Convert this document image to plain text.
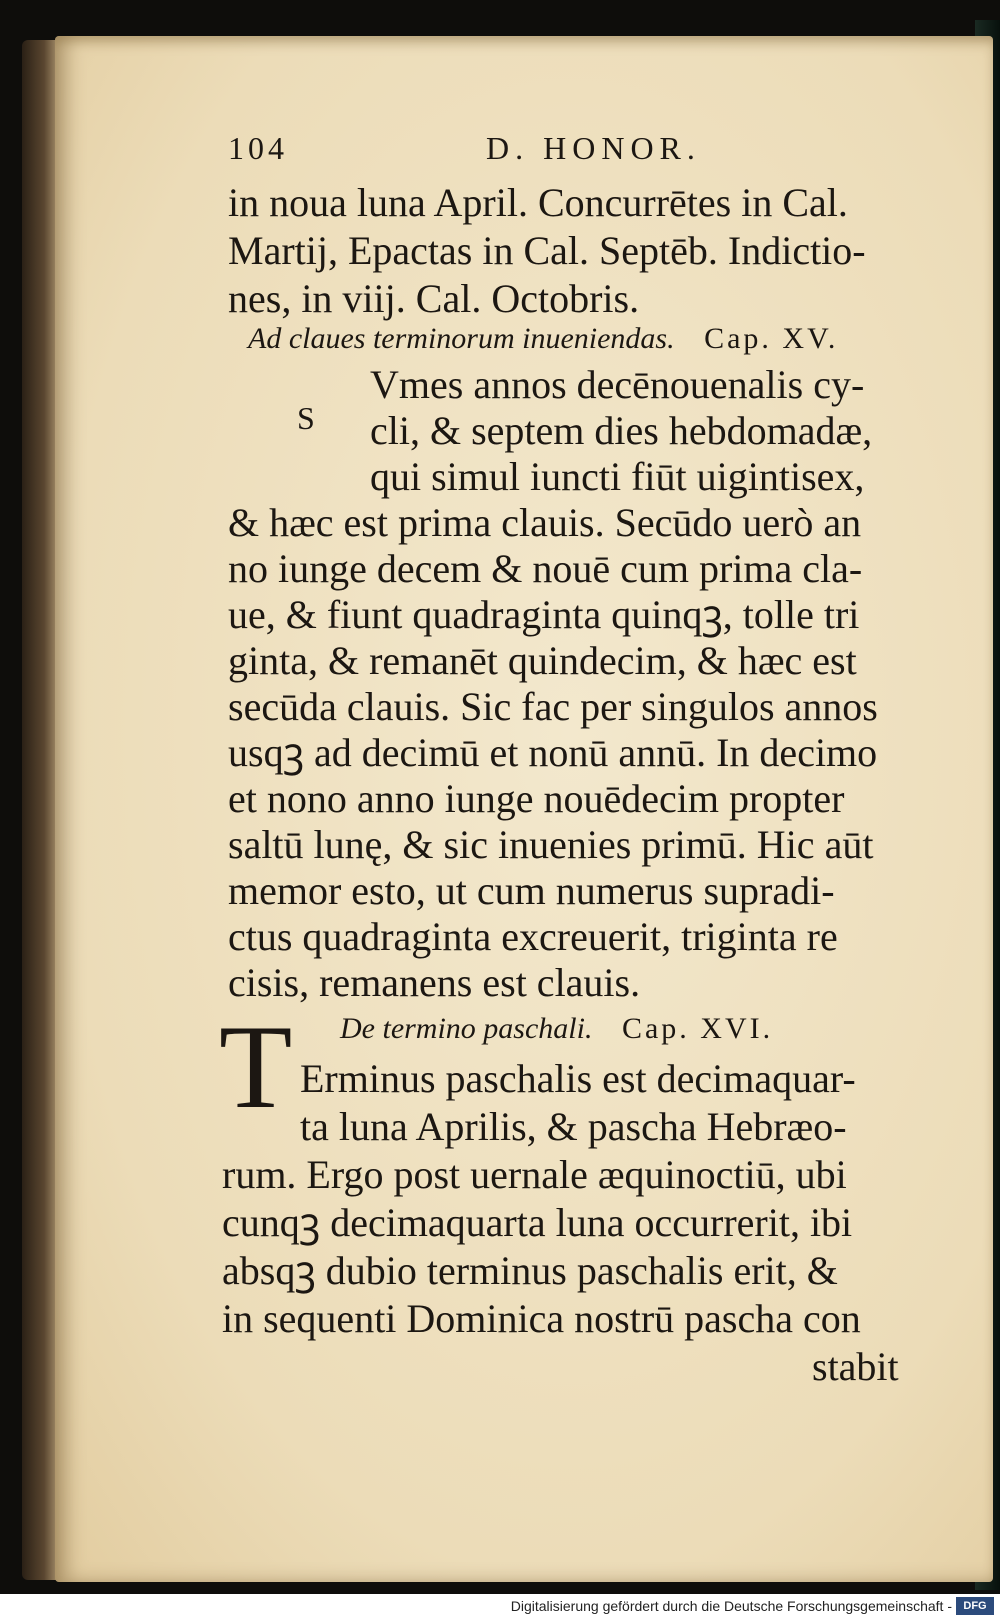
104	D. HONOR.
in noua luna April. Concurrētes in Cal.
Martij, Epactas in Cal. Septēb. Indictio-
nes, in viij. Cal. Octobris.
Ad claues terminorum inueniendas. Cap. XV.
S
Vmes annos decēnouenalis cy-
cli, & septem dies hebdomadæ,
qui simul iuncti fiūt uigintisex,
& hæc est prima clauis. Secūdo uerò an
no iunge decem & nouē cum prima cla-
ue, & fiunt quadraginta quinqꝫ, tolle tri
ginta, & remanēt quindecim, & hæc est
secūda clauis. Sic fac per singulos annos
usqꝫ ad decimū et nonū annū. In decimo
et nono anno iunge nouēdecim propter
saltū lunę, & sic inuenies primū. Hic aūt
memor esto, ut cum numerus supradi-
ctus quadraginta excreuerit, triginta re
cisis, remanens est clauis.
De termino paschali. Cap. XVI.
T Erminus paschalis est decimaquar-
ta luna Aprilis, & pascha Hebræo-
rum. Ergo post uernale æquinoctiū, ubi
cunqꝫ decimaquarta luna occurrerit, ibi
absqꝫ dubio terminus paschalis erit, &
in sequenti Dominica nostrū pascha con
stabit
Digitalisierung gefördert durch die Deutsche Forschungsgemeinschaft -	DFG
